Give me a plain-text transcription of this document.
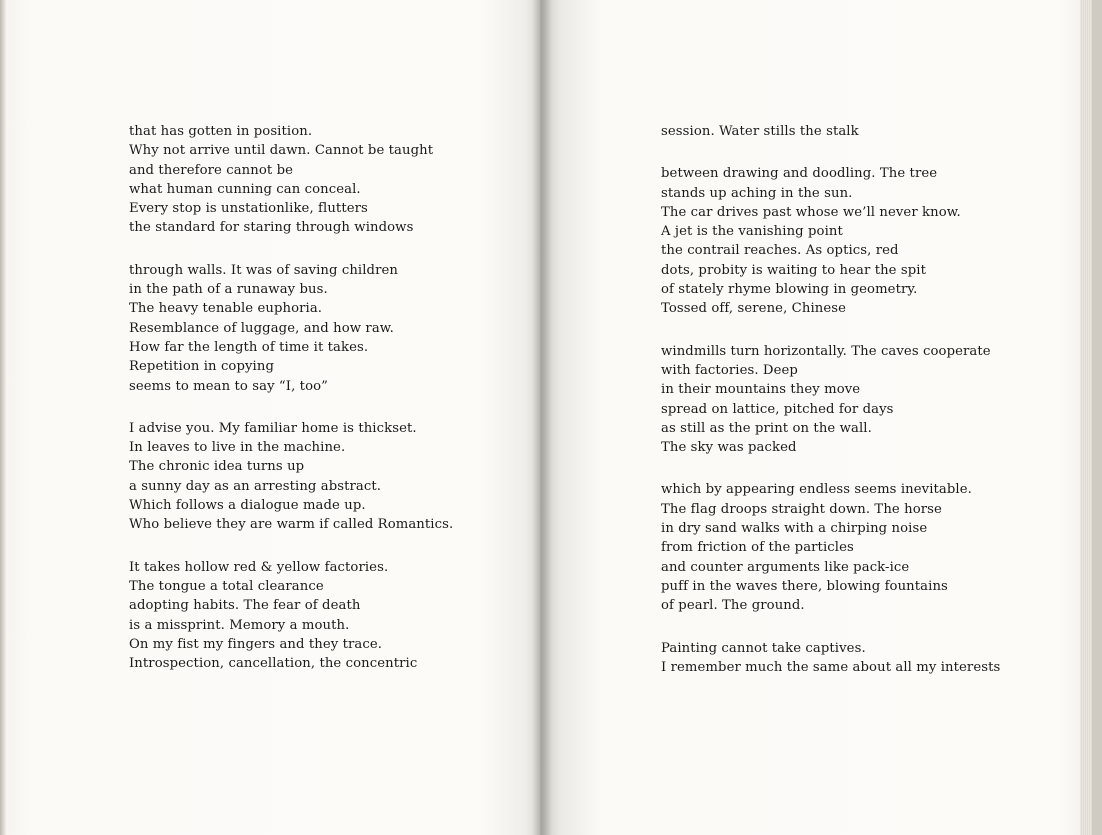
that has gotten in position.
Why not arrive until dawn. Cannot be taught
and therefore cannot be
what human cunning can conceal.
Every stop is unstationlike, flutters
the standard for staring through windows
through walls. It was of saving children
in the path of a runaway bus.
The heavy tenable euphoria.
Resemblance of luggage, and how raw.
How far the length of time it takes.
Repetition in copying
seems to mean to say “I, too”
I advise you. My familiar home is thickset.
In leaves to live in the machine.
The chronic idea turns up
a sunny day as an arresting abstract.
Which follows a dialogue made up.
Who believe they are warm if called Romantics.
It takes hollow red & yellow factories.
The tongue a total clearance
adopting habits. The fear of death
is a missprint. Memory a mouth.
On my fist my fingers and they trace.
Introspection, cancellation, the concentric
session. Water stills the stalk
between drawing and doodling. The tree
stands up aching in the sun.
The car drives past whose we’ll never know.
A jet is the vanishing point
the contrail reaches. As optics, red
dots, probity is waiting to hear the spit
of stately rhyme blowing in geometry.
Tossed off, serene, Chinese
windmills turn horizontally. The caves cooperate
with factories. Deep
in their mountains they move
spread on lattice, pitched for days
as still as the print on the wall.
The sky was packed
which by appearing endless seems inevitable.
The flag droops straight down. The horse
in dry sand walks with a chirping noise
from friction of the particles
and counter arguments like pack-ice
puff in the waves there, blowing fountains
of pearl. The ground.
Painting cannot take captives.
I remember much the same about all my interests
